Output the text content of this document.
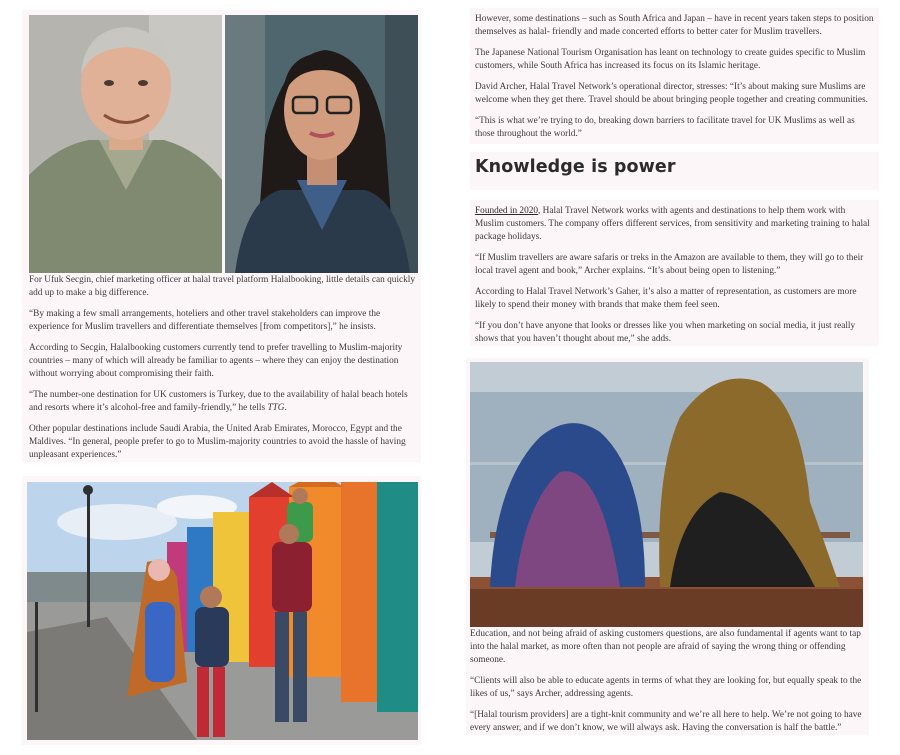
For Ufuk Secgin, chief marketing officer at halal travel platform Halalbooking, little details can quickly add up to make a big difference.

“By making a few small arrangements, hoteliers and other travel stakeholders can improve the experience for Muslim travellers and differentiate themselves [from competitors],” he insists.

According to Secgin, Halalbooking customers currently tend to prefer travelling to Muslim-majority countries – many of which will already be familiar to agents – where they can enjoy the destination without worrying about compromising their faith.

“The number-one destination for UK customers is Turkey, due to the availability of halal beach hotels and resorts where it’s alcohol-free and family-friendly,” he tells TTG.

Other popular destinations include Saudi Arabia, the United Arab Emirates, Morocco, Egypt and the Maldives. “In general, people prefer to go to Muslim-majority countries to avoid the hassle of having unpleasant experiences.”

However, some destinations – such as South Africa and Japan – have in recent years taken steps to position themselves as halal- friendly and made concerted efforts to better cater for Muslim travellers.

The Japanese National Tourism Organisation has leant on technology to create guides specific to Muslim customers, while South Africa has increased its focus on its Islamic heritage.

David Archer, Halal Travel Network’s operational director, stresses: “It’s about making sure Muslims are welcome when they get there. Travel should be about bringing people together and creating communities.

“This is what we’re trying to do, breaking down barriers to facilitate travel for UK Muslims as well as those throughout the world.”

Knowledge is power

Founded in 2020, Halal Travel Network works with agents and destinations to help them work with Muslim customers. The company offers different services, from sensitivity and marketing training to halal package holidays.

“If Muslim travellers are aware safaris or treks in the Amazon are available to them, they will go to their local travel agent and book,” Archer explains. “It’s about being open to listening.”

According to Halal Travel Network’s Gaher, it’s also a matter of representation, as customers are more likely to spend their money with brands that make them feel seen.

“If you don’t have anyone that looks or dresses like you when marketing on social media, it just really shows that you haven’t thought about me,” she adds.

Education, and not being afraid of asking customers questions, are also fundamental if agents want to tap into the halal market, as more often than not people are afraid of saying the wrong thing or offending someone.

“Clients will also be able to educate agents in terms of what they are looking for, but equally speak to the likes of us,” says Archer, addressing agents.

“[Halal tourism providers] are a tight-knit community and we’re all here to help. We’re not going to have every answer, and if we don’t know, we will always ask. Having the conversation is half the battle.”
